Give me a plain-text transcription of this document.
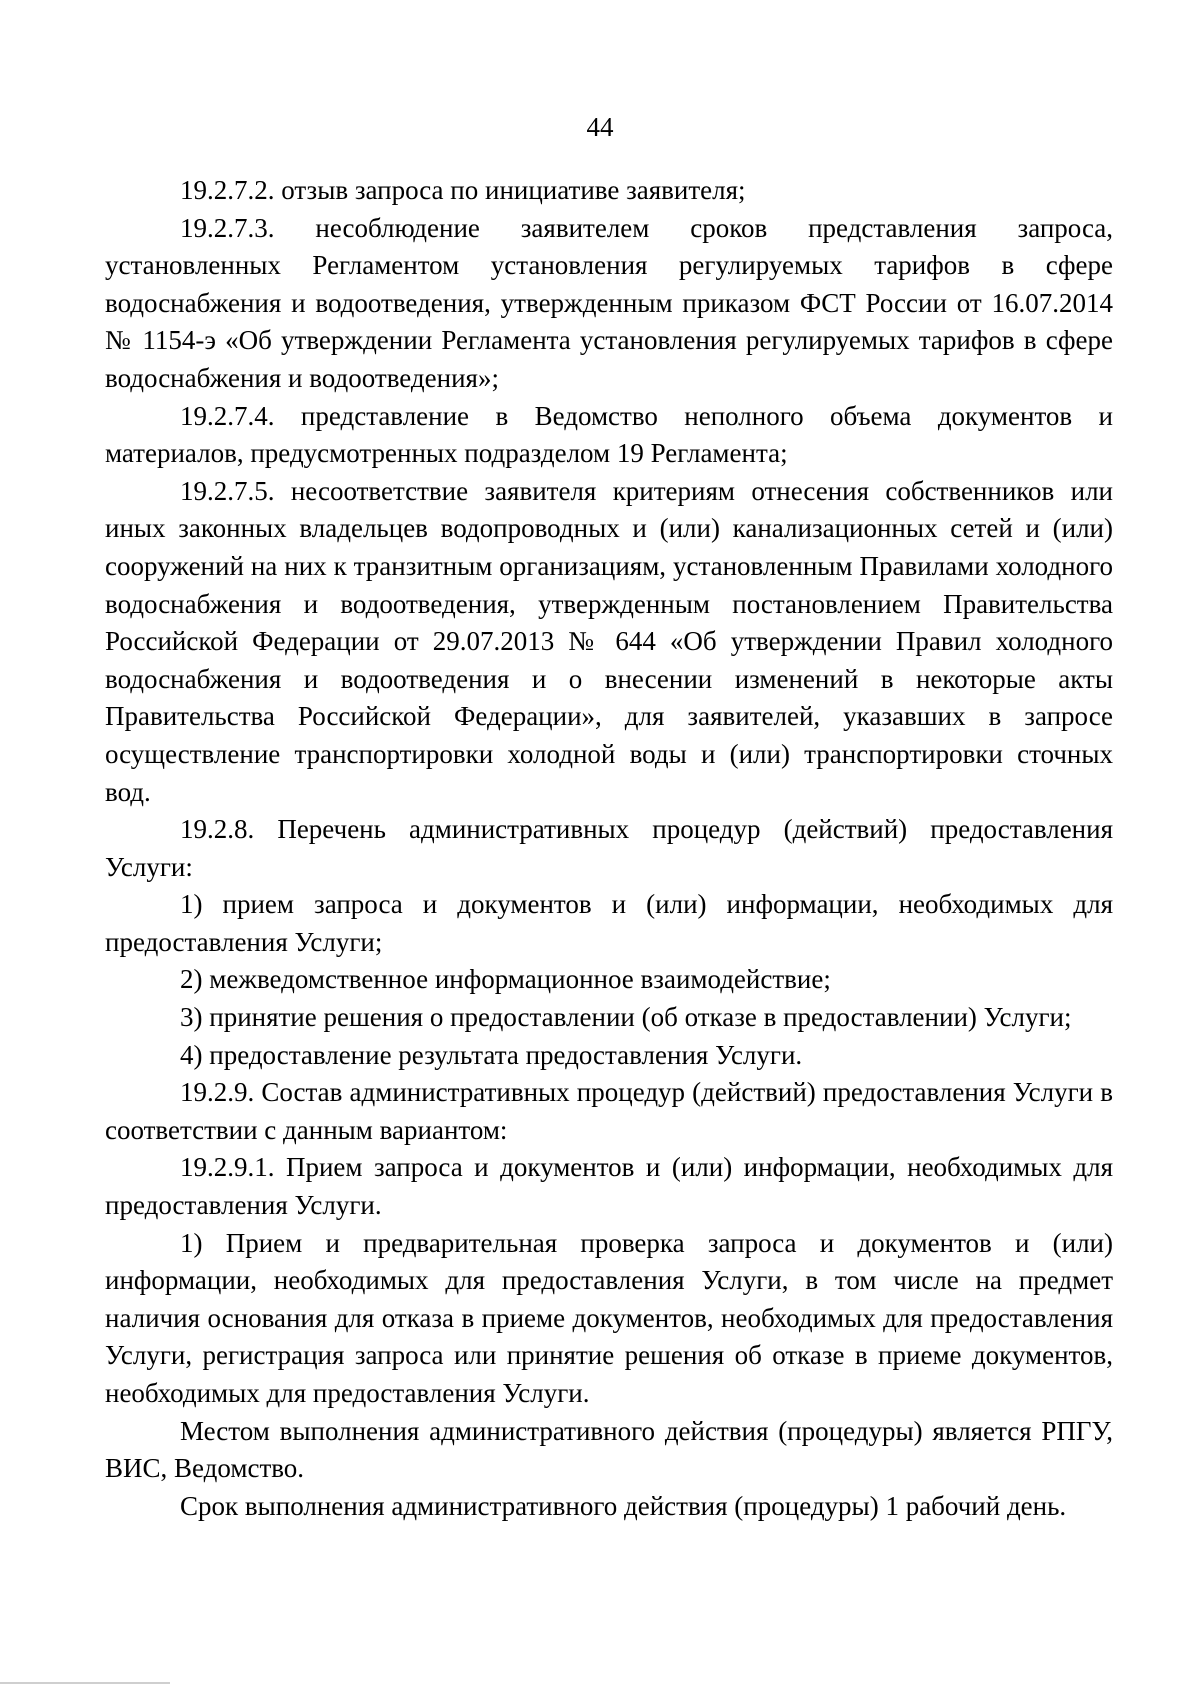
44

19.2.7.2. отзыв запроса по инициативе заявителя;

19.2.7.3. несоблюдение заявителем сроков представления запроса, установленных Регламентом установления регулируемых тарифов в сфере водоснабжения и водоотведения, утвержденным приказом ФСТ России от 16.07.2014 № 1154-э «Об утверждении Регламента установления регулируемых тарифов в сфере водоснабжения и водоотведения»;

19.2.7.4. представление в Ведомство неполного объема документов и материалов, предусмотренных подразделом 19 Регламента;

19.2.7.5. несоответствие заявителя критериям отнесения собственников или иных законных владельцев водопроводных и (или) канализационных сетей и (или) сооружений на них к транзитным организациям, установленным Правилами холодного водоснабжения и водоотведения, утвержденным постановлением Правительства Российской Федерации от 29.07.2013 № 644 «Об утверждении Правил холодного водоснабжения и водоотведения и о внесении изменений в некоторые акты Правительства Российской Федерации», для заявителей, указавших в запросе осуществление транспортировки холодной воды и (или) транспортировки сточных вод.

19.2.8. Перечень административных процедур (действий) предоставления Услуги:

1) прием запроса и документов и (или) информации, необходимых для предоставления Услуги;

2) межведомственное информационное взаимодействие;

3) принятие решения о предоставлении (об отказе в предоставлении) Услуги;

4) предоставление результата предоставления Услуги.

19.2.9. Состав административных процедур (действий) предоставления Услуги в соответствии с данным вариантом:

19.2.9.1. Прием запроса и документов и (или) информации, необходимых для предоставления Услуги.

1) Прием и предварительная проверка запроса и документов и (или) информации, необходимых для предоставления Услуги, в том числе на предмет наличия основания для отказа в приеме документов, необходимых для предоставления Услуги, регистрация запроса или принятие решения об отказе в приеме документов, необходимых для предоставления Услуги.

Местом выполнения административного действия (процедуры) является РПГУ, ВИС, Ведомство.

Срок выполнения административного действия (процедуры) 1 рабочий день.
